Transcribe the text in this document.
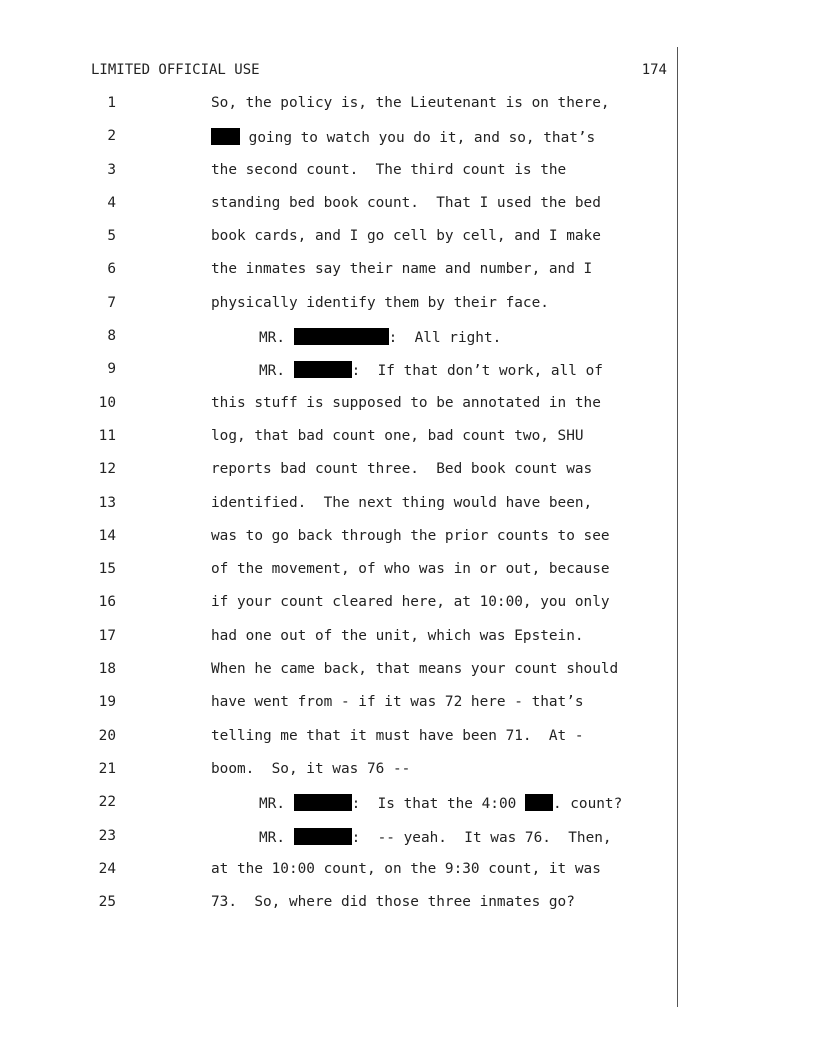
LIMITED OFFICIAL USE	174
1	So, the policy is, the Lieutenant is on there,
2	going to watch you do it, and so, that’s
3	the second count.  The third count is the
4	standing bed book count.  That I used the bed
5	book cards, and I go cell by cell, and I make
6	the inmates say their name and number, and I
7	physically identify them by their face.
8	MR.	:  All right.
9	MR.	:  If that don’t work, all of
10	this stuff is supposed to be annotated in the
11	log, that bad count one, bad count two, SHU
12	reports bad count three.  Bed book count was
13	identified.  The next thing would have been,
14	was to go back through the prior counts to see
15	of the movement, of who was in or out, because
16	if your count cleared here, at 10:00, you only
17	had one out of the unit, which was Epstein.
18	When he came back, that means your count should
19	have went from - if it was 72 here - that’s
20	telling me that it must have been 71.  At -
21	boom.  So, it was 76 --
22	MR.	:  Is that the 4:00 . count?
23	MR.	:  -- yeah.  It was 76.  Then,
24	at the 10:00 count, on the 9:30 count, it was
25	73.  So, where did those three inmates go?
